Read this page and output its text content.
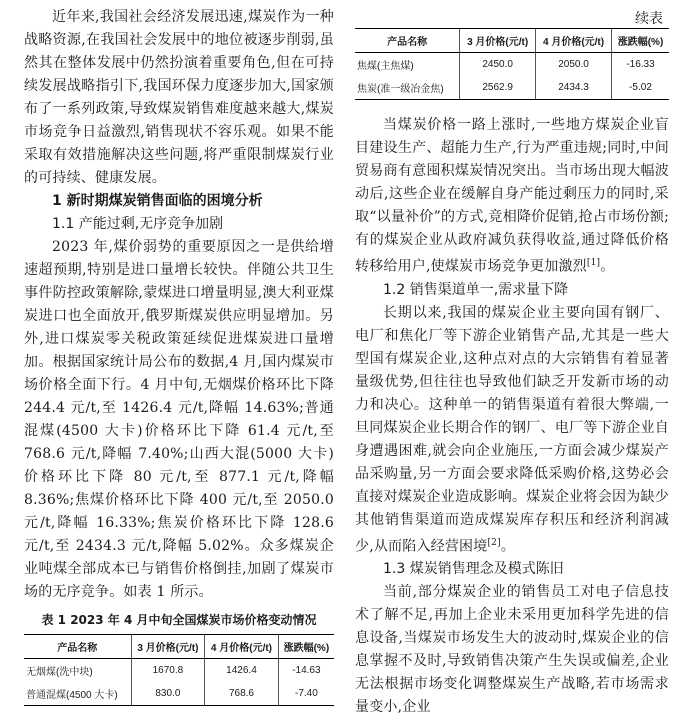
近年来,我国社会经济发展迅速,煤炭作为一种战略资源,在我国社会发展中的地位被逐步削弱,虽然其在整体发展中仍然扮演着重要角色,但在可持续发展战略指引下,我国环保力度逐步加大,国家颁布了一系列政策,导致煤炭销售难度越来越大,煤炭市场竞争日益激烈,销售现状不容乐观。如果不能采取有效措施解决这些问题,将严重限制煤炭行业的可持续、健康发展。

1 新时期煤炭销售面临的困境分析

1.1 产能过剩,无序竞争加剧

2023 年,煤价弱势的重要原因之一是供给增速超预期,特别是进口量增长较快。伴随公共卫生事件防控政策解除,蒙煤进口增量明显,澳大利亚煤炭进口也全面放开,俄罗斯煤炭供应明显增加。另外,进口煤炭零关税政策延续促进煤炭进口量增加。根据国家统计局公布的数据,4 月,国内煤炭市场价格全面下行。4 月中旬,无烟煤价格环比下降 244.4 元/t,至 1426.4 元/t,降幅 14.63%;普通混煤(4500 大卡)价格环比下降 61.4 元/t,至 768.6 元/t,降幅 7.40%;山西大混(5000 大卡)价格环比下降 80 元/t,至 877.1 元/t,降幅 8.36%;焦煤价格环比下降 400 元/t,至 2050.0 元/t,降幅 16.33%;焦炭价格环比下降 128.6 元/t,至 2434.3 元/t,降幅 5.02%。众多煤炭企业吨煤全部成本已与销售价格倒挂,加剧了煤炭市场的无序竞争。如表 1 所示。

表 1 2023 年 4 月中旬全国煤炭市场价格变动情况

产品名称	3 月价格(元/t)	4 月价格(元/t)	涨跌幅(%)
无烟煤(洗中块)	1670.8	1426.4	-14.63
普通混煤(4500 大卡)	830.0	768.6	-7.40
续表
产品名称	3 月价格(元/t)	4 月价格(元/t)	涨跌幅(%)
焦煤(主焦煤)	2450.0	2050.0	-16.33
焦炭(准一级冶金焦)	2562.9	2434.3	-5.02

当煤炭价格一路上涨时,一些地方煤炭企业盲目建设生产、超能力生产,行为严重违规;同时,中间贸易商有意囤积煤炭情况突出。当市场出现大幅波动后,这些企业在缓解自身产能过剩压力的同时,采取“以量补价”的方式,竞相降价促销,抢占市场份额;有的煤炭企业从政府减负获得收益,通过降低价格转移给用户,使煤炭市场竞争更加激烈[1]。

1.2 销售渠道单一,需求量下降

长期以来,我国的煤炭企业主要向国有钢厂、电厂和焦化厂等下游企业销售产品,尤其是一些大型国有煤炭企业,这种点对点的大宗销售有着显著量级优势,但往往也导致他们缺乏开发新市场的动力和决心。这种单一的销售渠道有着很大弊端,一旦同煤炭企业长期合作的钢厂、电厂等下游企业自身遭遇困难,就会向企业施压,一方面会减少煤炭产品采购量,另一方面会要求降低采购价格,这势必会直接对煤炭企业造成影响。煤炭企业将会因为缺少其他销售渠道而造成煤炭库存积压和经济利润减少,从而陷入经营困境[2]。

1.3 煤炭销售理念及模式陈旧

当前,部分煤炭企业的销售员工对电子信息技术了解不足,再加上企业未采用更加科学先进的信息设备,当煤炭市场发生大的波动时,煤炭企业的信息掌握不及时,导致销售决策产生失误或偏差,企业无法根据市场变化调整煤炭生产战略,若市场需求量变小,企业
